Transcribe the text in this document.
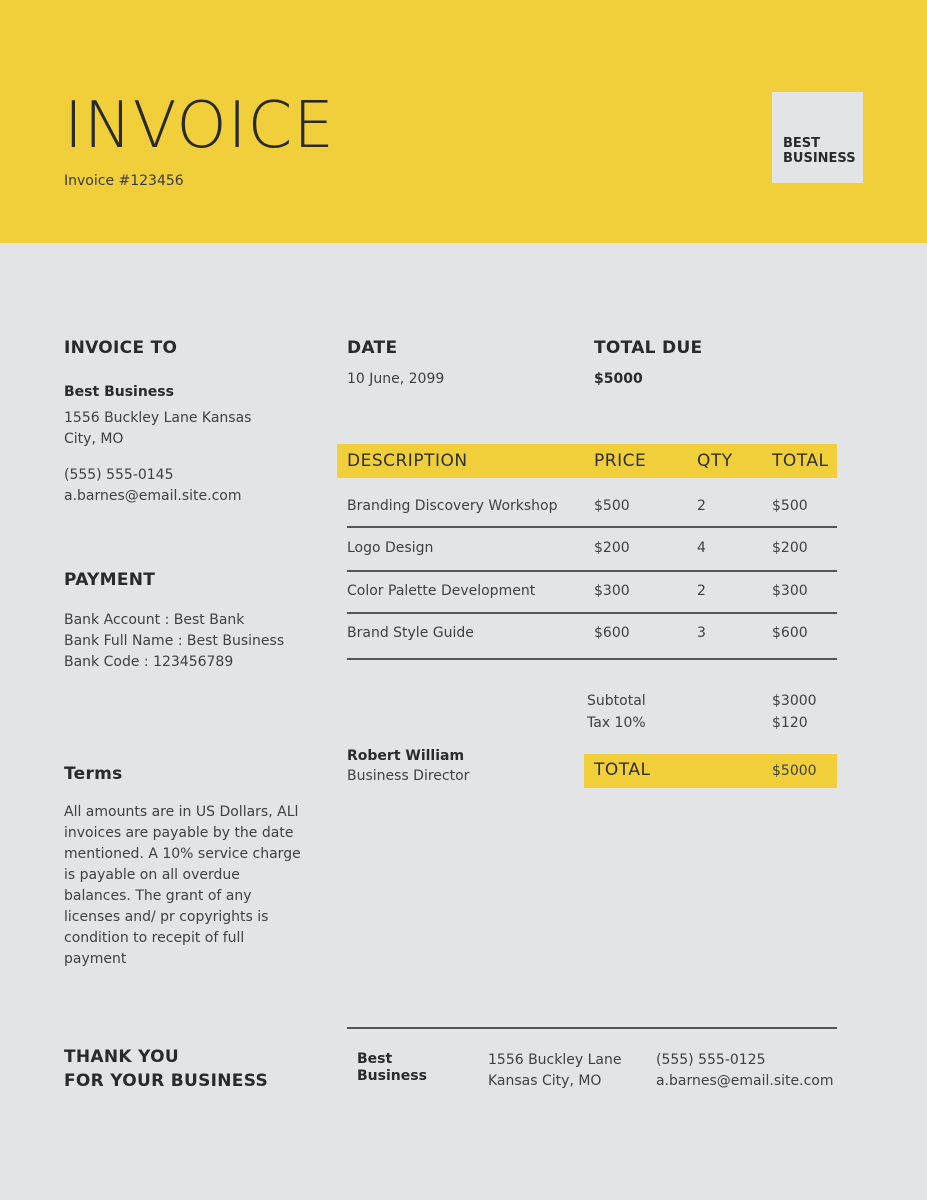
INVOICE
Invoice #123456
BEST
BUSINESS
INVOICE TO
Best Business
1556 Buckley Lane Kansas
City, MO
(555) 555-0145
a.barnes@email.site.com
DATE
10 June, 2099
TOTAL DUE
$5000
PAYMENT
Bank Account : Best Bank
Bank Full Name : Best Business
Bank Code : 123456789
Terms
All amounts are in US Dollars, ALl
invoices are payable by the date
mentioned. A 10% service charge
is payable on all overdue
balances. The grant of any
licenses and/ pr copyrights is
condition to recepit of full
payment
DESCRIPTION	PRICE	QTY TOTAL
Branding Discovery Workshop	$500	2	$500
Logo Design	$200	4	$200
Color Palette Development	$300	2	$300
Brand Style Guide	$600	3	$600
Subtotal	$3000
Tax 10%	$120
TOTAL	$5000
Robert William
Business Director
THANK YOU
FOR YOUR BUSINESS
Best
Business
1556 Buckley Lane
Kansas City, MO
(555) 555-0125
a.barnes@email.site.com
